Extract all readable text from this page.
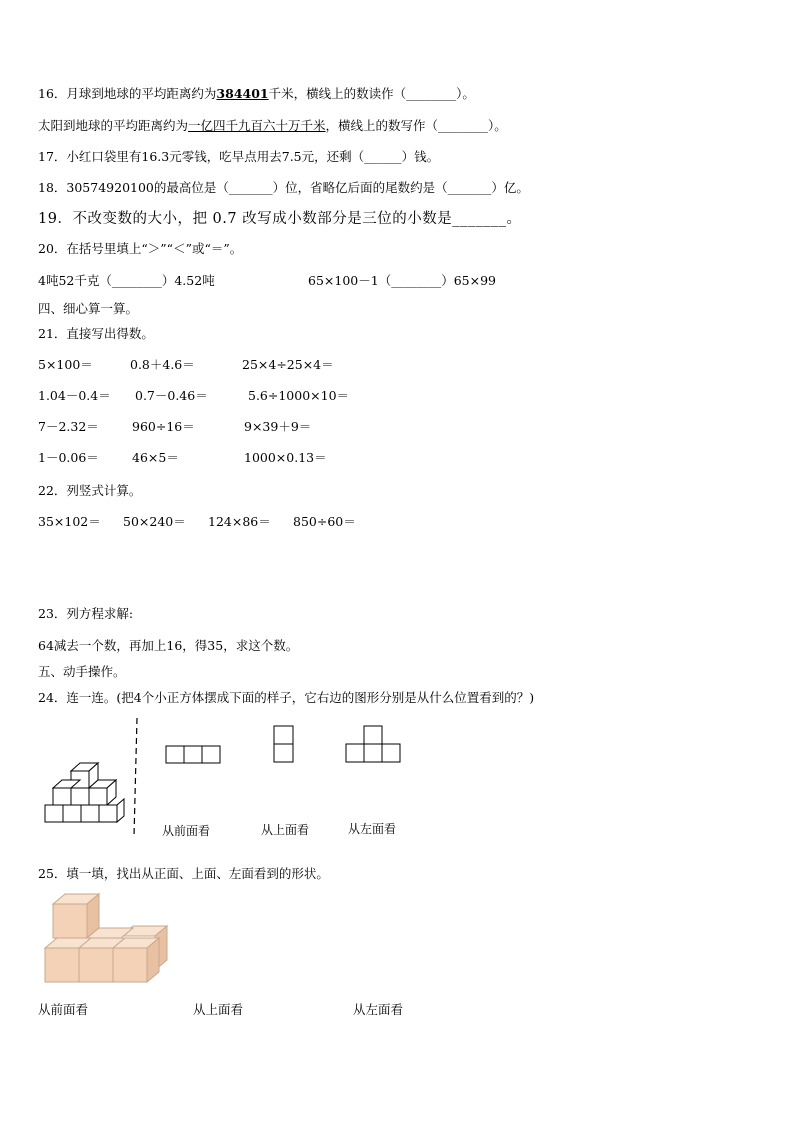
16．月球到地球的平均距离约为384401千米，横线上的数读作（________）。
太阳到地球的平均距离约为一亿四千九百六十万千米，横线上的数写作（________）。
17．小红口袋里有16.3元零钱，吃早点用去7.5元，还剩（______）钱。
18．30574920100的最高位是（_______）位，省略亿后面的尾数约是（_______）亿。
19．不改变数的大小，把 0.7 改写成小数部分是三位的小数是_______。
20．在括号里填上“＞”“＜”或“＝”。
4吨52千克（________）4.52吨	65×100－1（________）65×99
四、细心算一算。
21．直接写出得数。
5×100＝	0.8＋4.6＝	25×4÷25×4＝
1.04－0.4＝ 0.7－0.46＝	5.6÷1000×10＝
7－2.32＝	960÷16＝	9×39＋9＝
1－0.06＝	46×5＝	1000×0.13＝
22．列竖式计算。
35×102＝ 50×240＝ 124×86＝ 850÷60＝
23．列方程求解:
64减去一个数，再加上16，得35，求这个数。
五、动手操作。
24．连一连。(把4个小正方体摆成下面的样子，它右边的图形分别是从什么位置看到的？)
从前面看	从上面看	从左面看
25．填一填，找出从正面、上面、左面看到的形状。
从前面看	从上面看	从左面看
